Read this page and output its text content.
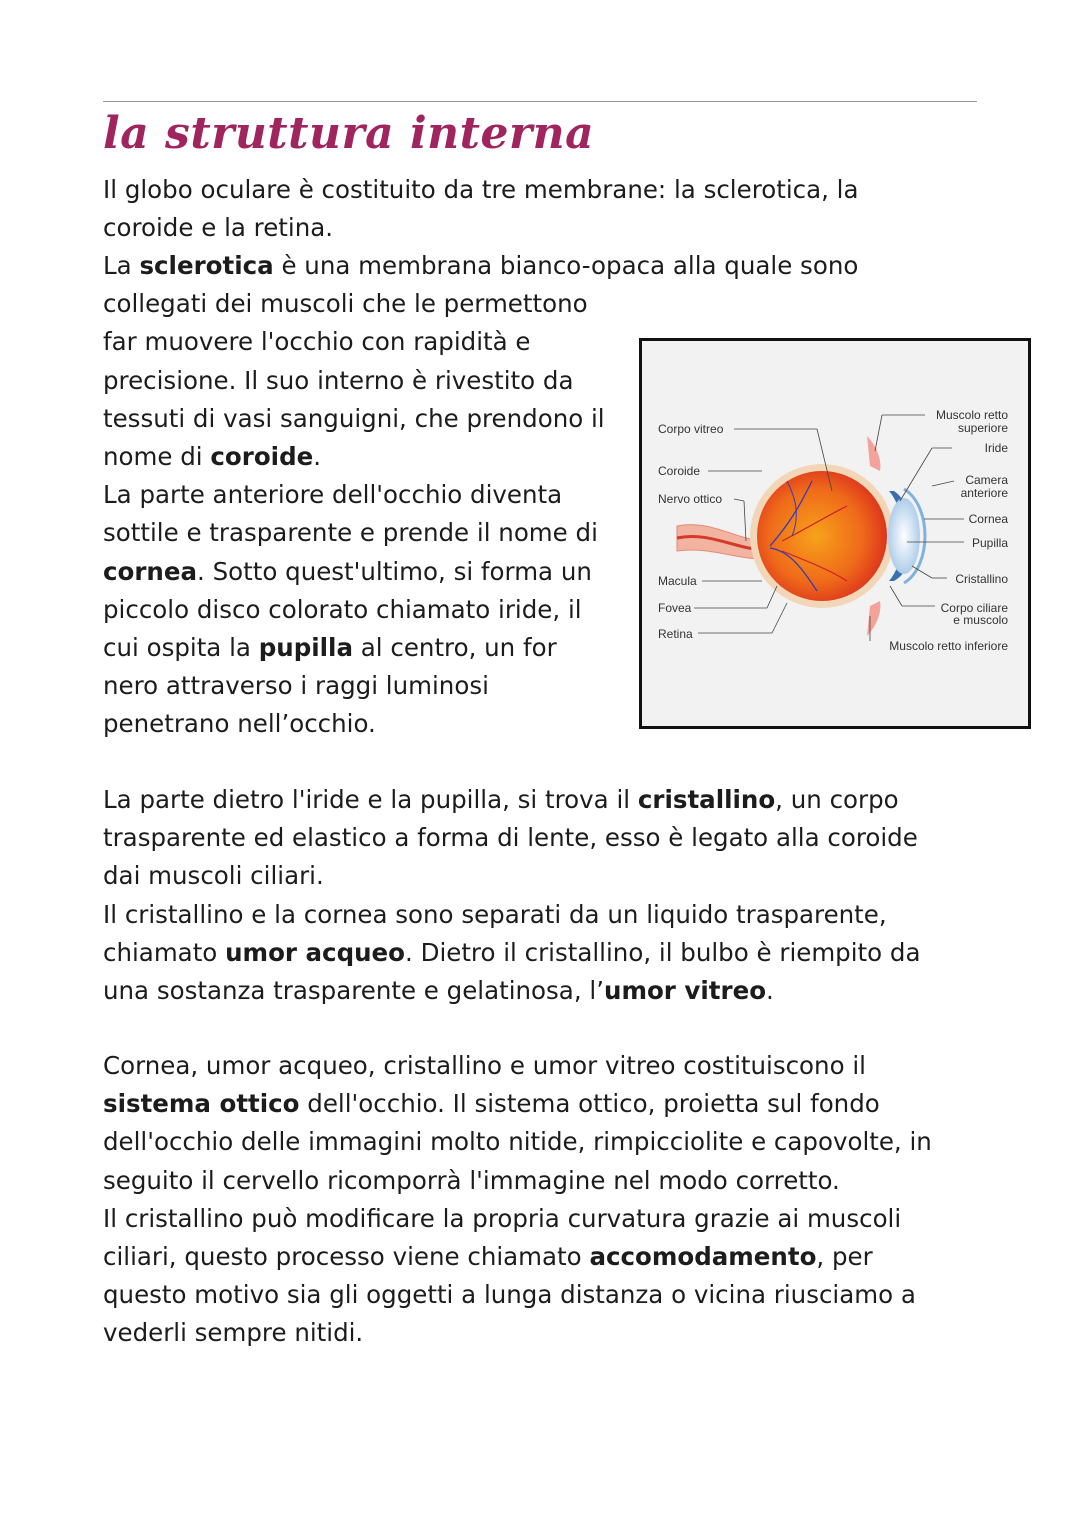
la struttura interna

Il globo oculare è costituito da tre membrane: la sclerotica, la
coroide e la retina.

La sclerotica è una membrana bianco-opaca alla quale sono
collegati dei muscoli che le permettono
far muovere l'occhio con rapidità e
precisione. Il suo interno è rivestito da
tessuti di vasi sanguigni, che prendono il
nome di coroide.
La parte anteriore dell'occhio diventa
sottile e trasparente e prende il nome di
cornea. Sotto quest'ultimo, si forma un
piccolo disco colorato chiamato iride, il
cui ospita la pupilla al centro, un for
nero attraverso i raggi luminosi
penetrano nell’occhio.

Corpo vitreo
Coroide
Nervo ottico
Macula
Fovea
Retina
Muscolo retto
superiore
Iride
Camera
anteriore
Cornea
Pupilla
Cristallino
Corpo ciliare
e muscolo
Muscolo retto inferiore

La parte dietro l'iride e la pupilla, si trova il cristallino, un corpo
trasparente ed elastico a forma di lente, esso è legato alla coroide
dai muscoli ciliari.
Il cristallino e la cornea sono separati da un liquido trasparente,
chiamato umor acqueo. Dietro il cristallino, il bulbo è riempito da
una sostanza trasparente e gelatinosa, l’umor vitreo.

Cornea, umor acqueo, cristallino e umor vitreo costituiscono il
sistema ottico dell'occhio. Il sistema ottico, proietta sul fondo
dell'occhio delle immagini molto nitide, rimpicciolite e capovolte, in
seguito il cervello ricomporrà l'immagine nel modo corretto.
Il cristallino può modificare la propria curvatura grazie ai muscoli
ciliari, questo processo viene chiamato accomodamento, per
questo motivo sia gli oggetti a lunga distanza o vicina riusciamo a
vederli sempre nitidi.
